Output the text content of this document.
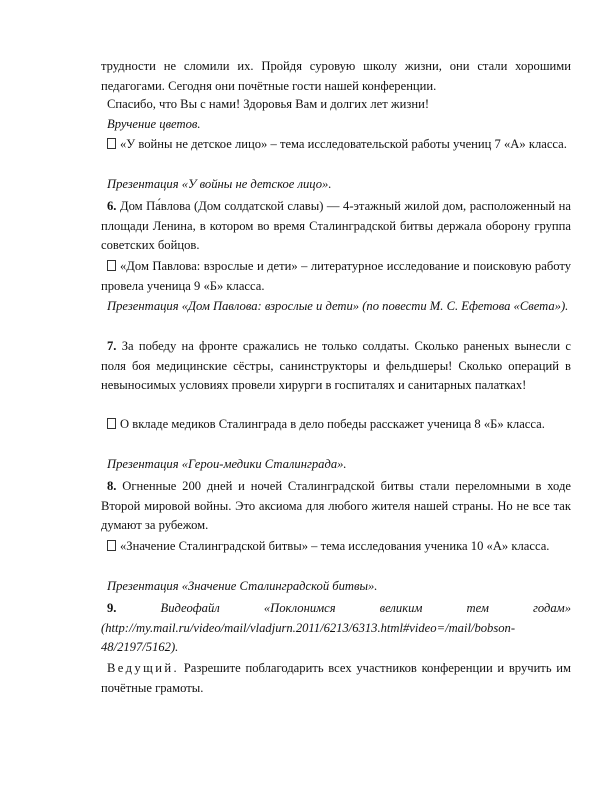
трудности не сломили их. Пройдя суровую школу жизни, они стали хорошими педагогами. Сегодня они почётные гости нашей конференции.
Спасибо, что Вы с нами! Здоровья Вам и долгих лет жизни!
Вручение цветов.
«У войны не детское лицо» – тема исследовательской работы учениц 7 «А» класса.
Презентация «У войны не детское лицо».
6. Дом Па́влова (Дом солдатской славы) — 4-этажный жилой дом, расположенный на площади Ленина, в котором во время Сталинградской битвы держала оборону группа советских бойцов.
«Дом Павлова: взрослые и дети» – литературное исследование и поисковую работу провела ученица 9 «Б» класса.
Презентация «Дом Павлова: взрослые и дети» (по повести М. С. Ефетова «Света»).
7. За победу на фронте сражались не только солдаты. Сколько раненых вынесли с поля боя медицинские сёстры, санинструкторы и фельдшеры! Сколько операций в невыносимых условиях провели хирурги в госпиталях и санитарных палатках!
О вкладе медиков Сталинграда в дело победы расскажет ученица 8 «Б» класса.
Презентация «Герои-медики Сталинграда».
8. Огненные 200 дней и ночей Сталинградской битвы стали переломными в ходе Второй мировой войны. Это аксиома для любого жителя нашей страны. Но не все так думают за рубежом.
«Значение Сталинградской битвы» – тема исследования ученика 10 «А» класса.
Презентация «Значение Сталинградской битвы».
9. Видеофайл «Поклонимся великим тем годам» (http://my.mail.ru/video/mail/vladjurn.2011/6213/6313.html#video=/mail/bobson-48/2197/5162).
Ведущий. Разрешите поблагодарить всех участников конференции и вручить им почётные грамоты.
